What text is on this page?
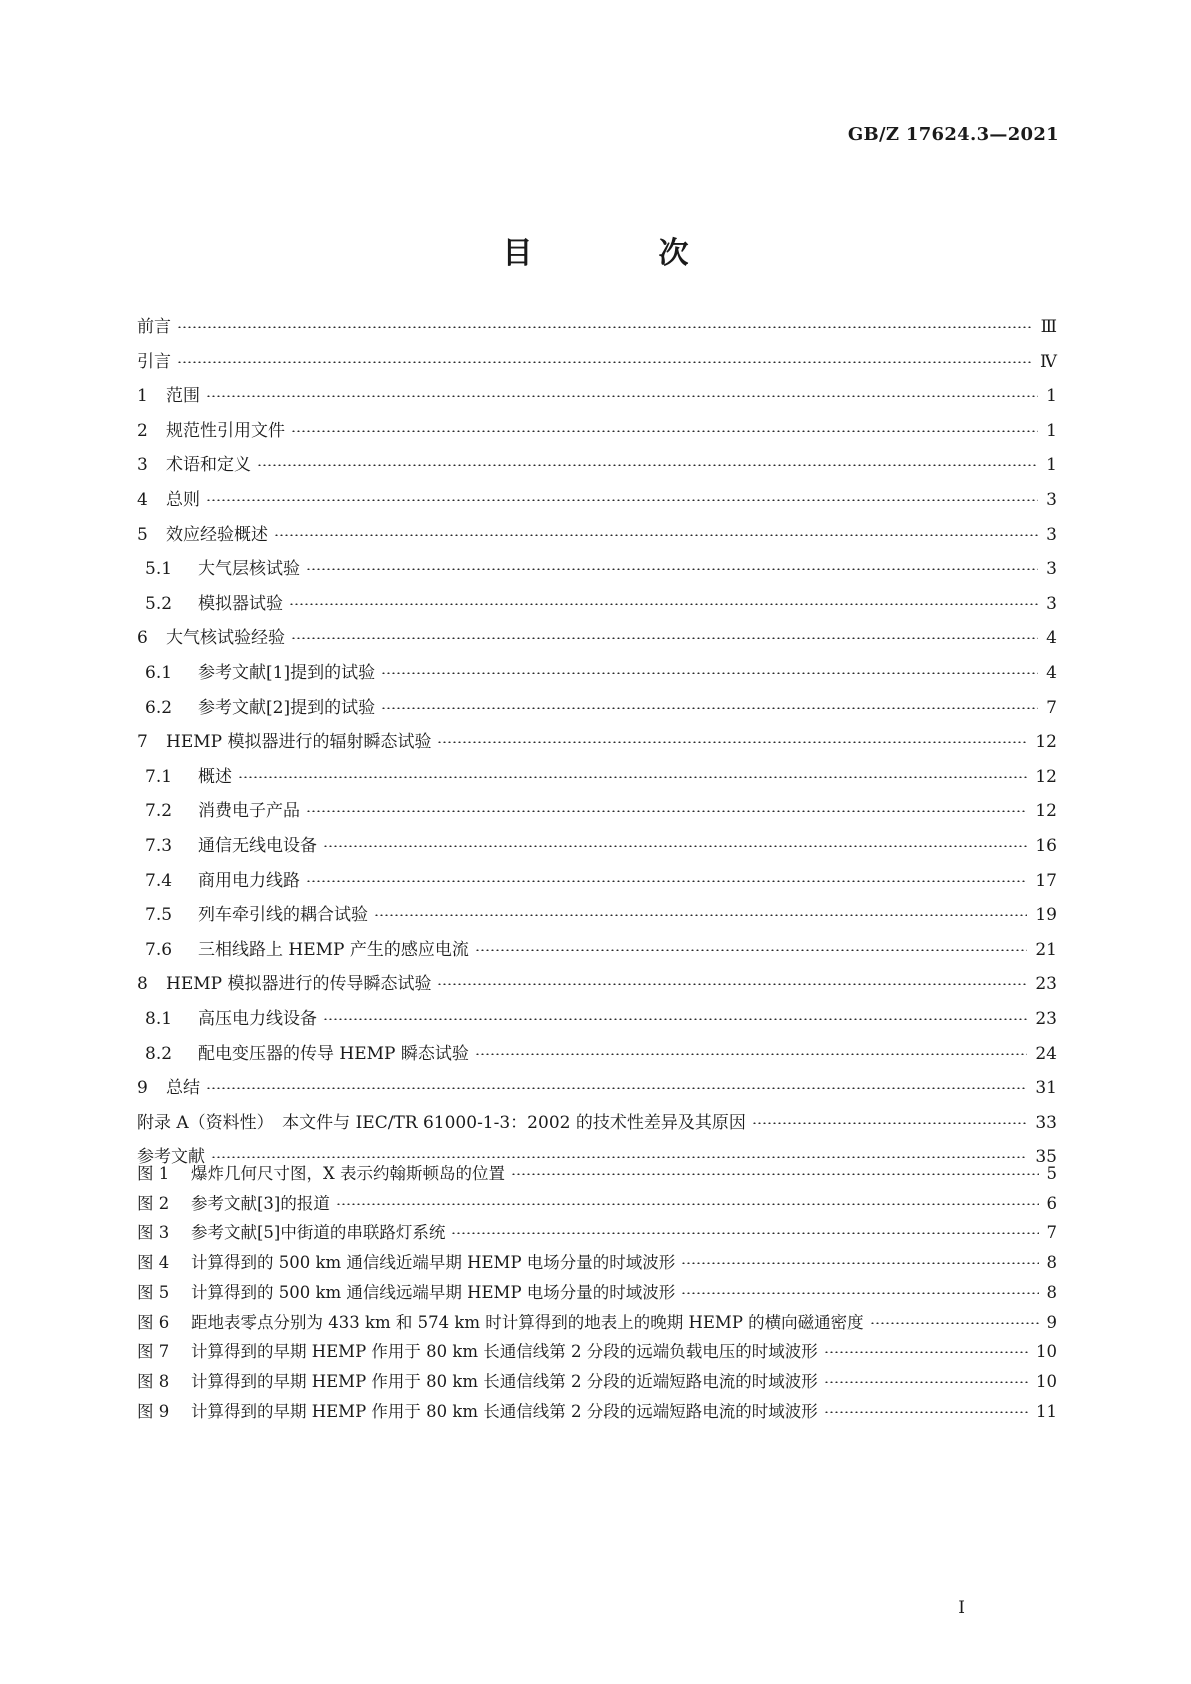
GB/Z 17624.3—2021
目　次
前言	Ⅲ
引言	Ⅳ
1	范围	1
2	规范性引用文件	1
3	术语和定义	1
4	总则	3
5	效应经验概述	3
5.1	大气层核试验	3
5.2	模拟器试验	3
6	大气核试验经验	4
6.1	参考文献[1]提到的试验	4
6.2	参考文献[2]提到的试验	7
7	HEMP 模拟器进行的辐射瞬态试验	12
7.1	概述	12
7.2	消费电子产品	12
7.3	通信无线电设备	16
7.4	商用电力线路	17
7.5	列车牵引线的耦合试验	19
7.6	三相线路上 HEMP 产生的感应电流	21
8	HEMP 模拟器进行的传导瞬态试验	23
8.1	高压电力线设备	23
8.2	配电变压器的传导 HEMP 瞬态试验	24
9	总结	31
附录 A（资料性）　本文件与 IEC/TR 61000-1-3：2002 的技术性差异及其原因	33
参考文献	35
图 1	爆炸几何尺寸图，X 表示约翰斯顿岛的位置	5
图 2	参考文献[3]的报道	6
图 3	参考文献[5]中街道的串联路灯系统	7
图 4	计算得到的 500 km 通信线近端早期 HEMP 电场分量的时域波形	8
图 5	计算得到的 500 km 通信线远端早期 HEMP 电场分量的时域波形	8
图 6	距地表零点分别为 433 km 和 574 km 时计算得到的地表上的晚期 HEMP 的横向磁通密度	9
图 7	计算得到的早期 HEMP 作用于 80 km 长通信线第 2 分段的远端负载电压的时域波形	10
图 8	计算得到的早期 HEMP 作用于 80 km 长通信线第 2 分段的近端短路电流的时域波形	10
图 9	计算得到的早期 HEMP 作用于 80 km 长通信线第 2 分段的远端短路电流的时域波形	11
I
